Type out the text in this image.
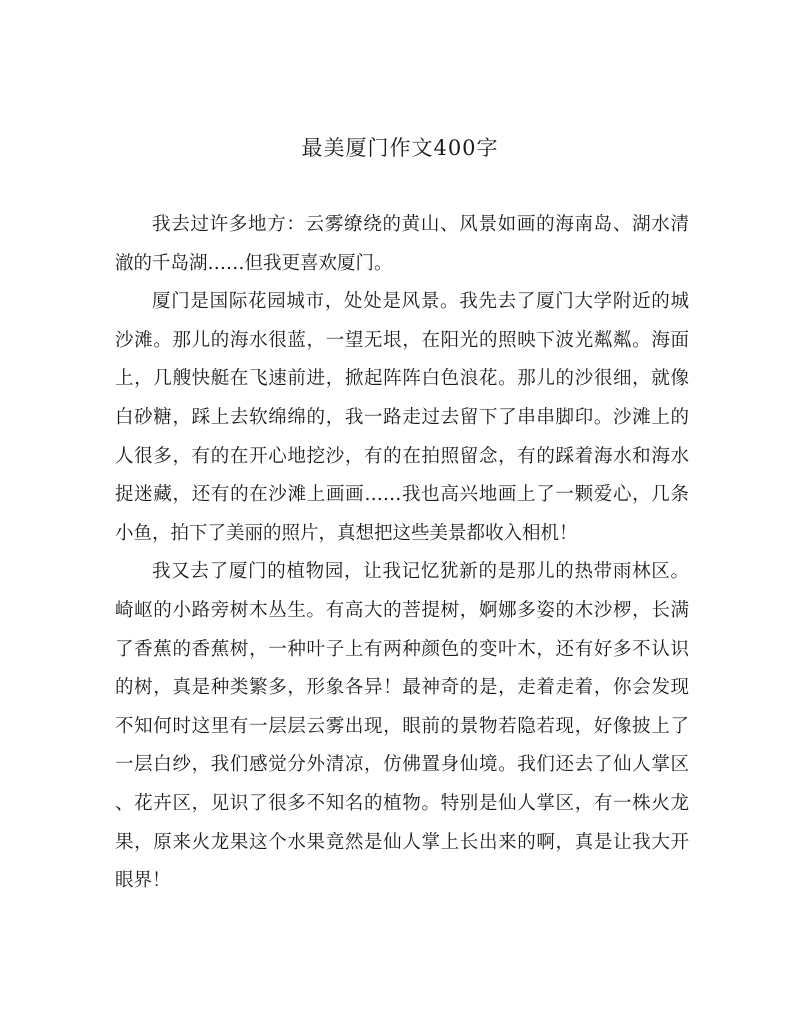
最美厦门作文400字
我去过许多地方：云雾缭绕的黄山、风景如画的海南岛、湖水清
澈的千岛湖……但我更喜欢厦门。
厦门是国际花园城市，处处是风景。我先去了厦门大学附近的城
沙滩。那儿的海水很蓝，一望无垠，在阳光的照映下波光粼粼。海面
上，几艘快艇在飞速前进，掀起阵阵白色浪花。那儿的沙很细，就像
白砂糖，踩上去软绵绵的，我一路走过去留下了串串脚印。沙滩上的
人很多，有的在开心地挖沙，有的在拍照留念，有的踩着海水和海水
捉迷藏，还有的在沙滩上画画……我也高兴地画上了一颗爱心，几条
小鱼，拍下了美丽的照片，真想把这些美景都收入相机！
我又去了厦门的植物园，让我记忆犹新的是那儿的热带雨林区。
崎岖的小路旁树木丛生。有高大的菩提树，婀娜多姿的木沙椤，长满
了香蕉的香蕉树，一种叶子上有两种颜色的变叶木，还有好多不认识
的树，真是种类繁多，形象各异！最神奇的是，走着走着，你会发现
不知何时这里有一层层云雾出现，眼前的景物若隐若现，好像披上了
一层白纱，我们感觉分外清凉，仿佛置身仙境。我们还去了仙人掌区
、花卉区，见识了很多不知名的植物。特别是仙人掌区，有一株火龙
果，原来火龙果这个水果竟然是仙人掌上长出来的啊，真是让我大开
眼界！
